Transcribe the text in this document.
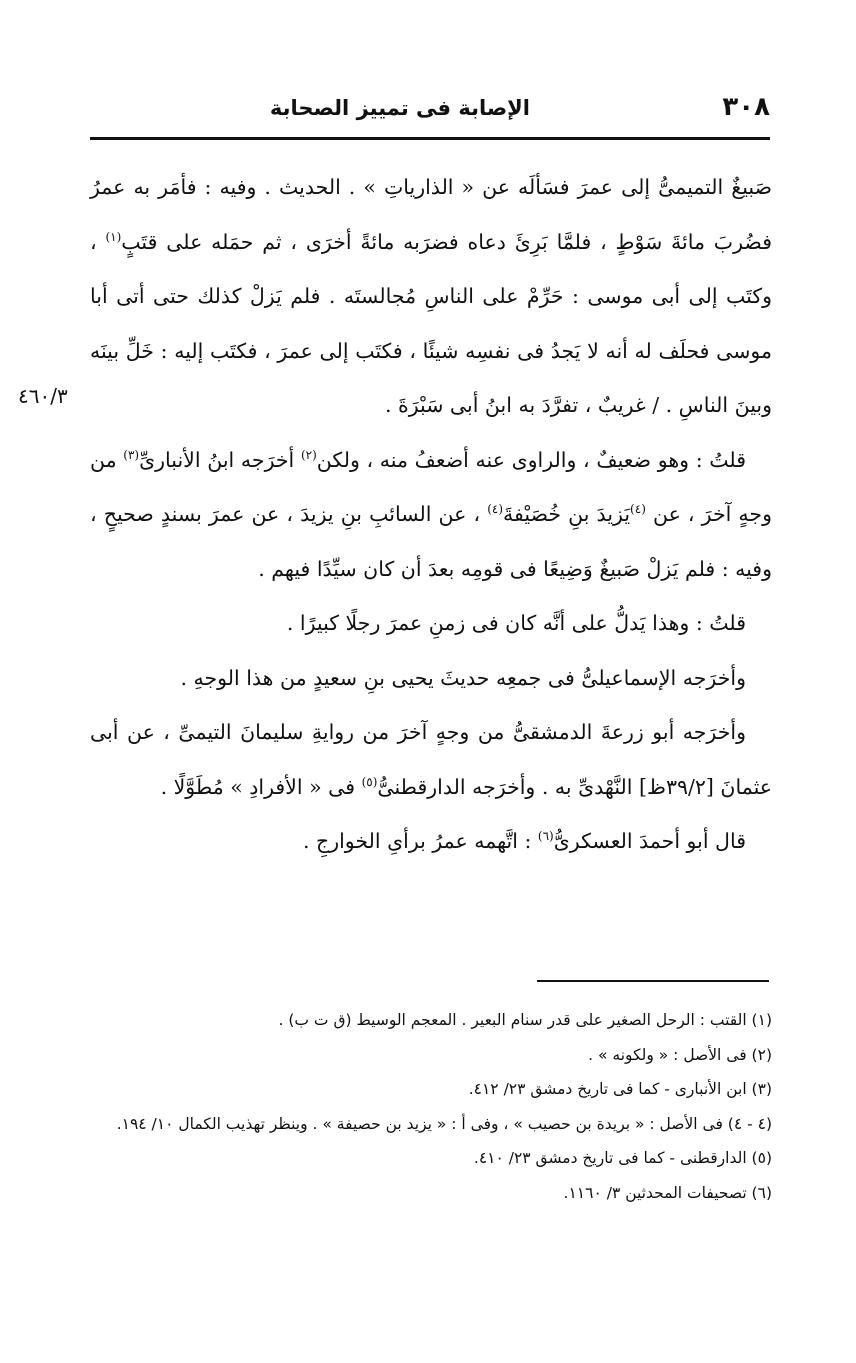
٣٠٨
الإصابة فى تمييز الصحابة
٤٦٠/٣

صَبيغٌ التميمىُّ إلى عمرَ فسَألَه عن « الذارياتِ » . الحديث . وفيه : فأمَر به عمرُ فضُربَ مائةَ سَوْطٍ ، فلمَّا بَرِئَ دعاه فضرَبه مائةً أخرَى ، ثم حمَله على قتَبٍ$^{(١)}$ ، وكتَب إلى أبى موسى : حَرِّمْ على الناسِ مُجالستَه . فلم يَزلْ كذلك حتى أتى أبا موسى فحلَف له أنه لا يَجدُ فى نفسِه شيئًا ، فكتَب إلى عمرَ ، فكتَب إليه : خَلِّ بينَه وبينَ الناسِ . / غريبٌ ، تفرَّدَ به ابنُ أبى سَبْرَةَ .

قلتُ : وهو ضعيفٌ ، والراوى عنه أضعفُ منه ، ولكن$^{(٢)}$ أخرَجه ابنُ الأنبارىِّ$^{(٣)}$ من وجهٍ آخرَ ، عن $^{(٤)}$يَزيدَ بنِ خُصَيْفةَ$^{(٤)}$ ، عن السائبِ بنِ يزيدَ ، عن عمرَ بسندٍ صحيحٍ ، وفيه : فلم يَزلْ صَبيغٌ وَضِيعًا فى قومِه بعدَ أن كان سيِّدًا فيهم .

قلتُ : وهذا يَدلُّ على أنَّه كان فى زمنِ عمرَ رجلًا كبيرًا .

وأخرَجه الإسماعيلىُّ فى جمعِه حديثَ يحيى بنِ سعيدٍ من هذا الوجهِ .

وأخرَجه أبو زرعةَ الدمشقىُّ من وجهٍ آخرَ من روايةِ سليمانَ التيمىِّ ، عن أبى عثمانَ [٣٩/٢ظ] النَّهْدىِّ به . وأخرَجه الدارقطنىُّ$^{(٥)}$ فى « الأفرادِ » مُطَوَّلًا .

قال أبو أحمدَ العسكرىُّ$^{(٦)}$ : اتَّهمه عمرُ برأىِ الخوارجِ .

(١) القتب : الرحل الصغير على قدر سنام البعير . المعجم الوسيط (ق ت ب) .

(٢) فى الأصل : « ولكونه » .

(٣) ابن الأنبارى - كما فى تاريخ دمشق ٢٣/ ٤١٢.

(٤ - ٤) فى الأصل : « بريدة بن حصيب » ، وفى أ : « يزيد بن حصيفة » . وينظر تهذيب الكمال ١٠/ ١٩٤.

(٥) الدارقطنى - كما فى تاريخ دمشق ٢٣/ ٤١٠.

(٦) تصحيفات المحدثين ٣/ ١١٦٠.
